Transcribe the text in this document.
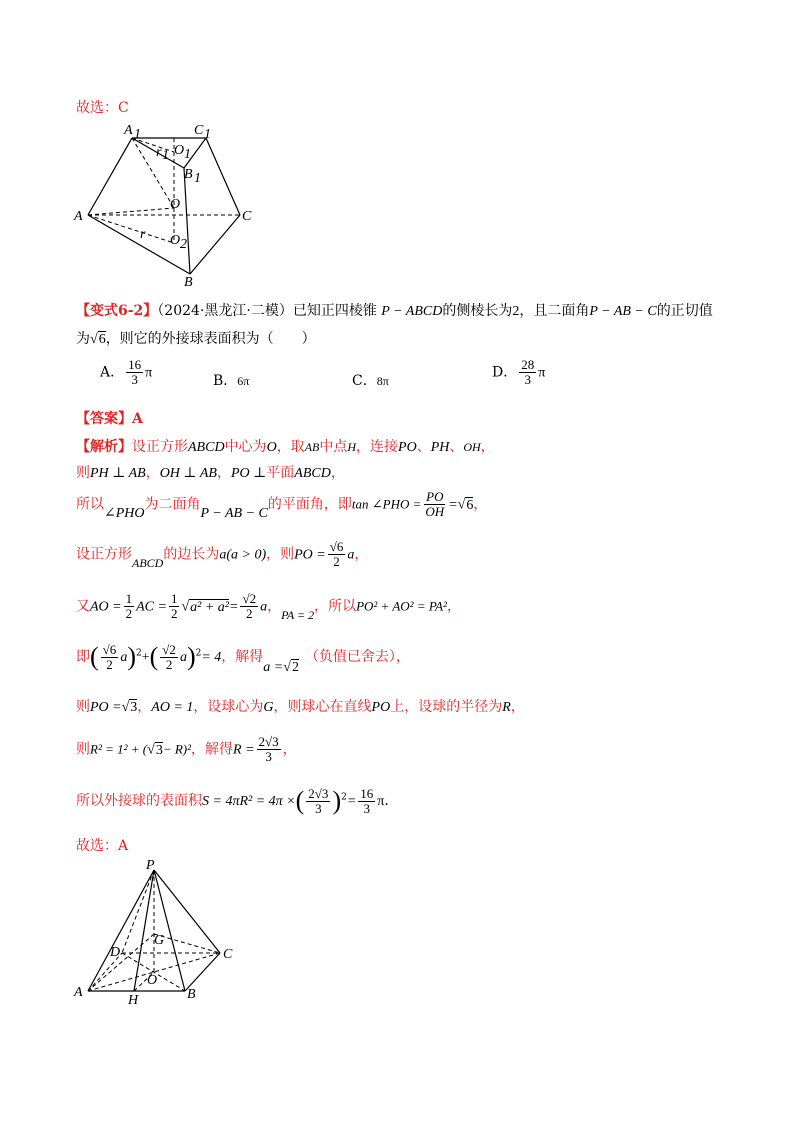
故选：C
A 1	C 1
O 1
r 1
B 1
O
A	C
r O 2
B
【变式6-2】（2024·黑龙江·二模）已知正四棱锥 P − ABCD的侧棱长为2，且二面角P − AB − C的正切值
为√6，则它的外接球表面积为（　　）
A． $\frac{16}{3}$ π	B．6π	C．8π
D． $\frac{28}{3}$ π
【答案】A
【解析】设正方形ABCD中心为O，取AB中点H，连接PO、PH、OH，
则PH ⊥ AB，OH ⊥ AB，PO ⊥平面ABCD，
所以∠PHO为二面角P − AB − C的平面角，即tan ∠PHO = $\frac{PO}{OH} =√6$，
设正方形ABCD的边长为a(a > 0)，则PO = $\frac{√6}{2}$ a，
又AO = $\frac{1}{2}$ AC = $\frac{1}{2} √a^2 + a^2= \frac{√2}{2}$ a，PA = 2，所以PO² + AO² = PA²，
即( $\frac{√6}{2} a)^2+( \frac{√2}{2} a)^2= 4$，解得a =√2（负值已舍去），
则PO =√3，AO = 1，设球心为G，则球心在直线PO上，设球的半径为R，
则R² = 1² + (√3− R)²，解得$R = \frac{2√3}{3}$ ，
所以外接球的表面积S = 4πR² = 4π ×( $\frac{2√3}{3} )^2= \frac{16}{3} \pi$.
故选：A
P
G
D	C
O
A
H	B
